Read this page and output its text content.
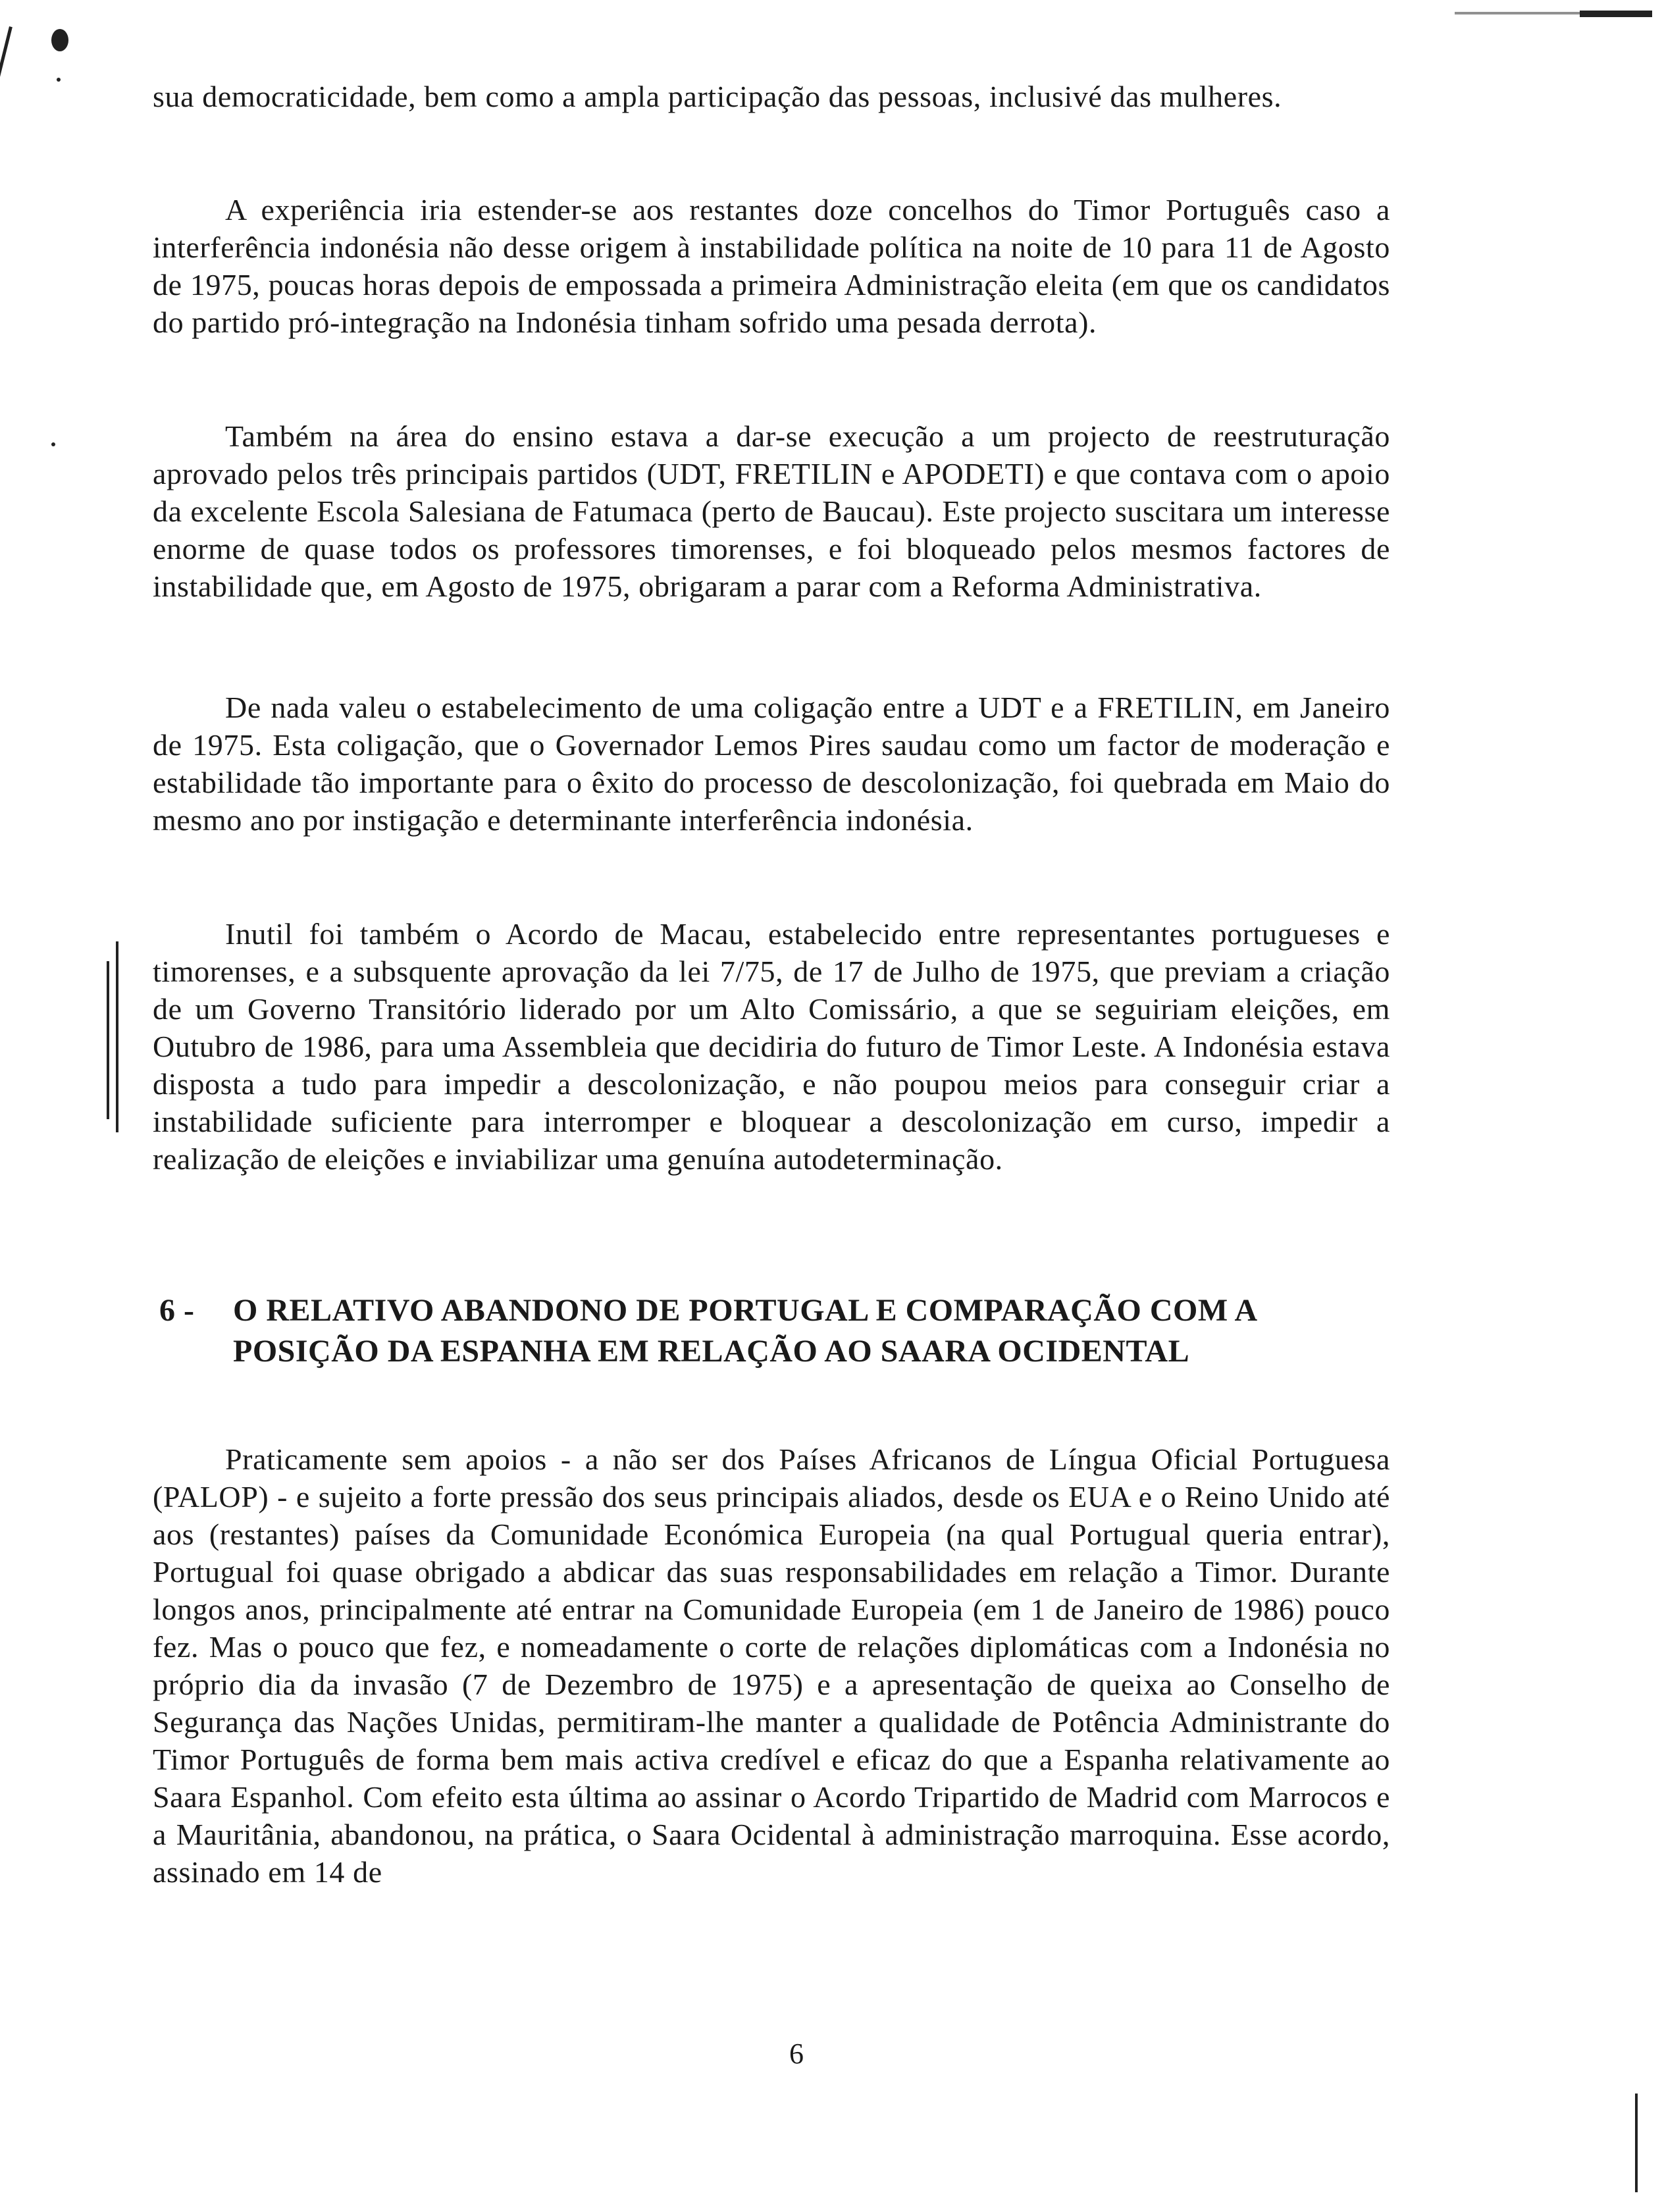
sua democraticidade, bem como a ampla participação das pessoas, inclusivé das mulheres.

A experiência iria estender-se aos restantes doze concelhos do Timor Português caso a interferência indonésia não desse origem à instabilidade política na noite de 10 para 11 de Agosto de 1975, poucas horas depois de empossada a primeira Administração eleita (em que os candidatos do partido pró-integração na Indonésia tinham sofrido uma pesada derrota).

Também na área do ensino estava a dar-se execução a um projecto de reestruturação aprovado pelos três principais partidos (UDT, FRETILIN e APODETI) e que contava com o apoio da excelente Escola Salesiana de Fatumaca (perto de Baucau). Este projecto suscitara um interesse enorme de quase todos os professores timorenses, e foi bloqueado pelos mesmos factores de instabilidade que, em Agosto de 1975, obrigaram a parar com a Reforma Administrativa.

De nada valeu o estabelecimento de uma coligação entre a UDT e a FRETILIN, em Janeiro de 1975. Esta coligação, que o Governador Lemos Pires saudau como um factor de moderação e estabilidade tão importante para o êxito do processo de descolonização, foi quebrada em Maio do mesmo ano por instigação e determinante interferência indonésia.

Inutil foi também o Acordo de Macau, estabelecido entre representantes portugueses e timorenses, e a subsquente aprovação da lei 7/75, de 17 de Julho de 1975, que previam a criação de um Governo Transitório liderado por um Alto Comissário, a que se seguiriam eleições, em Outubro de 1986, para uma Assembleia que decidiria do futuro de Timor Leste. A Indonésia estava disposta a tudo para impedir a descolonização, e não poupou meios para conseguir criar a instabilidade suficiente para interromper e bloquear a descolonização em curso, impedir a realização de eleições e inviabilizar uma genuína autodeterminação.

6 - O RELATIVO ABANDONO DE PORTUGAL E COMPARAÇÃO COM A
POSIÇÃO DA ESPANHA EM RELAÇÃO AO SAARA OCIDENTAL

Praticamente sem apoios - a não ser dos Países Africanos de Língua Oficial Portuguesa (PALOP) - e sujeito a forte pressão dos seus principais aliados, desde os EUA e o Reino Unido até aos (restantes) países da Comunidade Económica Europeia (na qual Portugual queria entrar), Portugual foi quase obrigado a abdicar das suas responsabilidades em relação a Timor. Durante longos anos, principalmente até entrar na Comunidade Europeia (em 1 de Janeiro de 1986) pouco fez. Mas o pouco que fez, e nomeadamente o corte de relações diplomáticas com a Indonésia no próprio dia da invasão (7 de Dezembro de 1975) e a apresentação de queixa ao Conselho de Segurança das Nações Unidas, permitiram-lhe manter a qualidade de Potência Administrante do Timor Português de forma bem mais activa credível e eficaz do que a Espanha relativamente ao Saara Espanhol. Com efeito esta última ao assinar o Acordo Tripartido de Madrid com Marrocos e a Mauritânia, abandonou, na prática, o Saara Ocidental à administração marroquina. Esse acordo, assinado em 14 de

6
